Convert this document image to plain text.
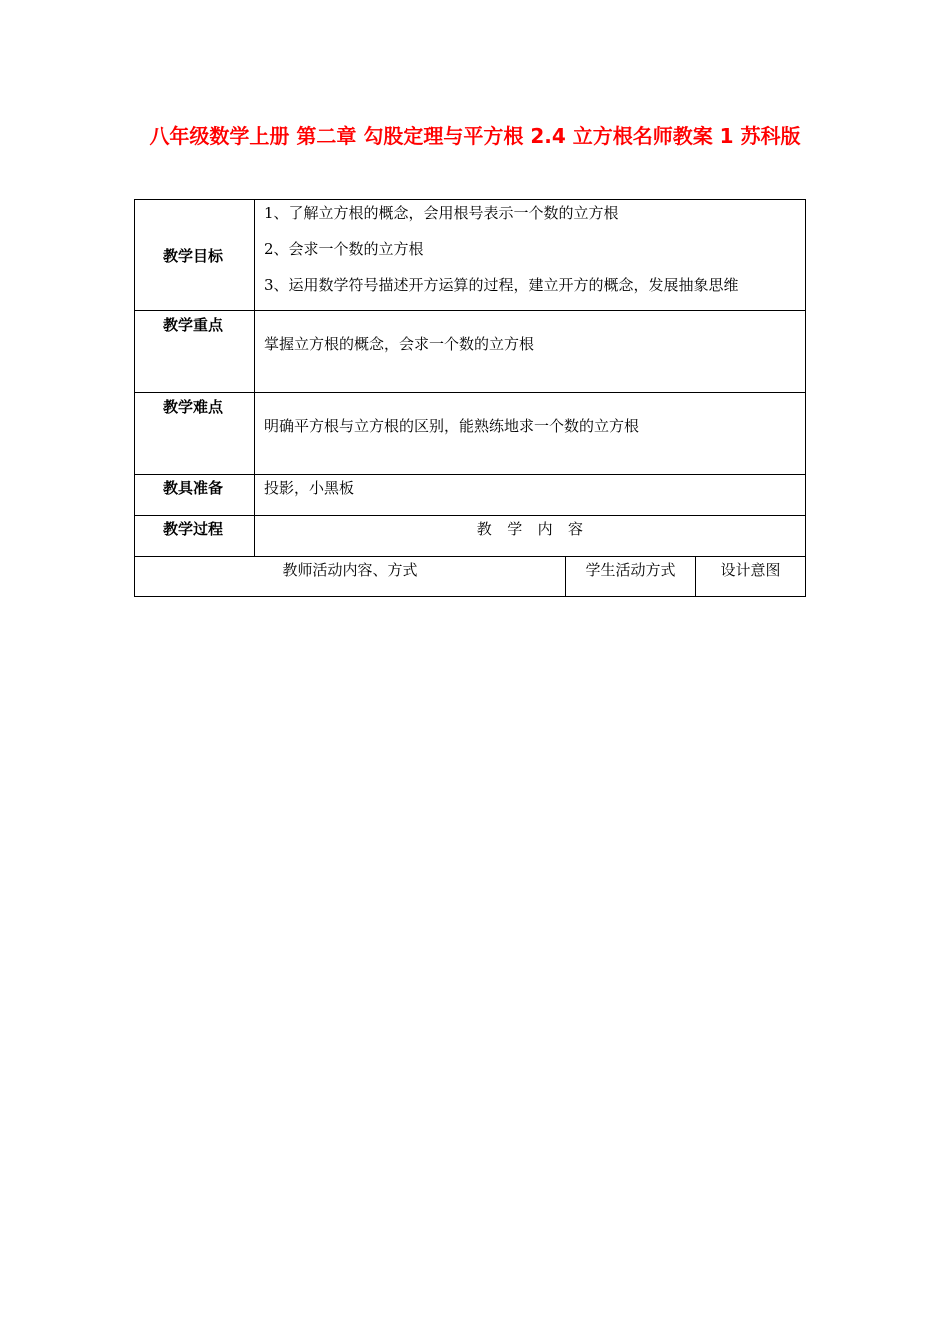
八年级数学上册 第二章 勾股定理与平方根 2.4 立方根名师教案 1 苏科版
教学目标	1、了解立方根的概念，会用根号表示一个数的立方根
2、会求一个数的立方根
3、运用数学符号描述开方运算的过程，建立开方的概念，发展抽象思维		

教学重点	掌握立方根的概念，会求一个数的立方根		
教学难点	明确平方根与立方根的区别，能熟练地求一个数的立方根		
教具准备	投影，小黑板		
教学过程	教　学　内　容		
教师活动内容、方式		学生活动方式	设计意图
